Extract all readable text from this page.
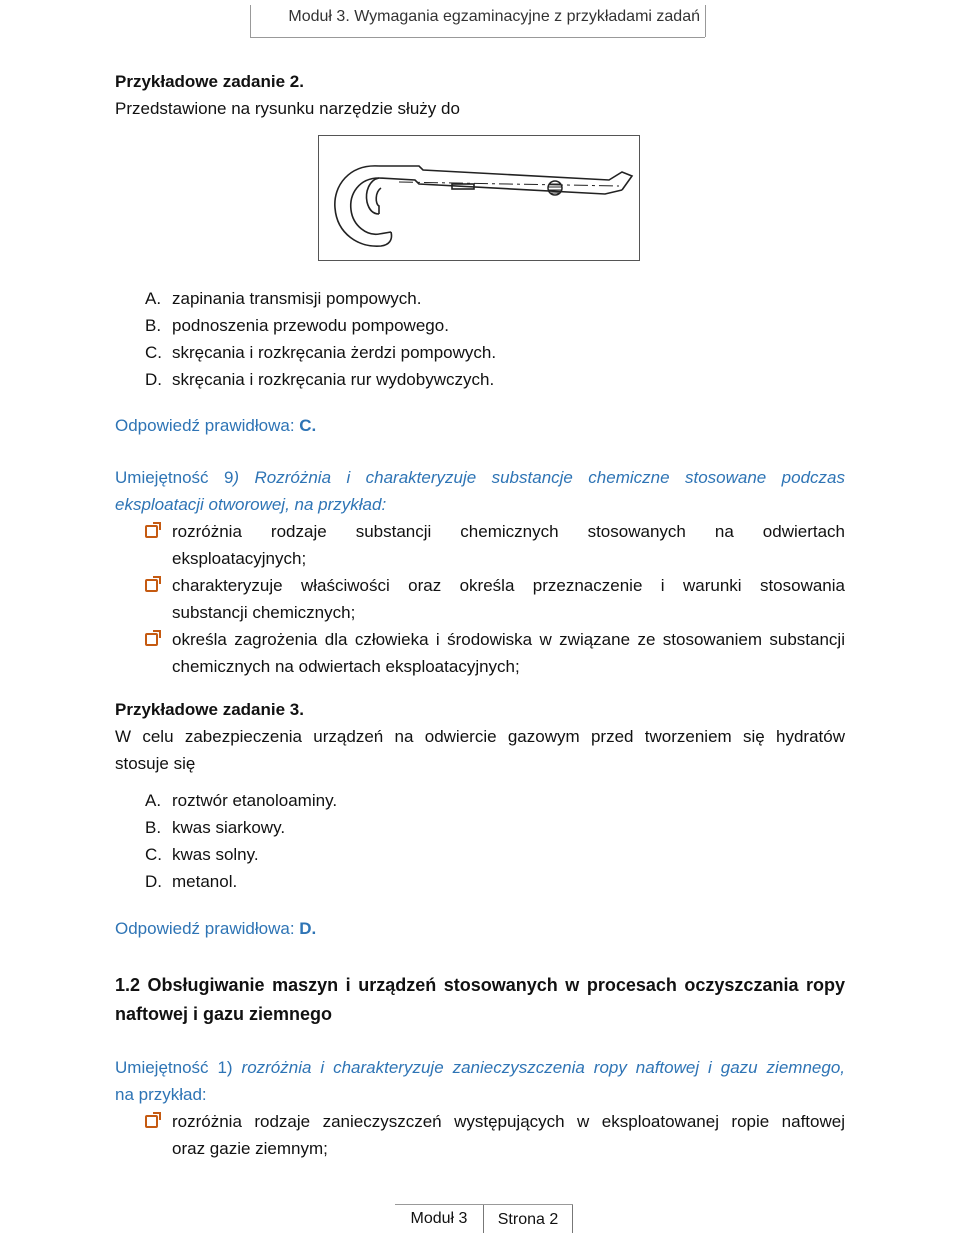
Moduł 3. Wymagania egzaminacyjne z przykładami zadań
Przykładowe zadanie 2.
Przedstawione na rysunku narzędzie służy do
A. zapinania transmisji pompowych.
B. podnoszenia przewodu pompowego.
C. skręcania i rozkręcania żerdzi pompowych.
D. skręcania i rozkręcania rur wydobywczych.
Odpowiedź prawidłowa: C.
Umiejętność 9) Rozróżnia i charakteryzuje substancje chemiczne stosowane podczas
eksploatacji otworowej, na przykład:
rozróżnia rodzaje substancji chemicznych stosowanych na odwiertach
eksploatacyjnych;
charakteryzuje właściwości oraz określa przeznaczenie i warunki stosowania
substancji chemicznych;
określa zagrożenia dla człowieka i środowiska w związane ze stosowaniem substancji
chemicznych na odwiertach eksploatacyjnych;
Przykładowe zadanie 3.
W celu zabezpieczenia urządzeń na odwiercie gazowym przed tworzeniem się hydratów
stosuje się
A. roztwór etanoloaminy.
B. kwas siarkowy.
C. kwas solny.
D. metanol.
Odpowiedź prawidłowa: D.
1.2 Obsługiwanie maszyn i urządzeń stosowanych w procesach oczyszczania ropy
naftowej i gazu ziemnego
Umiejętność 1) rozróżnia i charakteryzuje zanieczyszczenia ropy naftowej i gazu ziemnego,
na przykład:
rozróżnia rodzaje zanieczyszczeń występujących w eksploatowanej ropie naftowej
oraz gazie ziemnym;
Moduł 3	Strona 2
